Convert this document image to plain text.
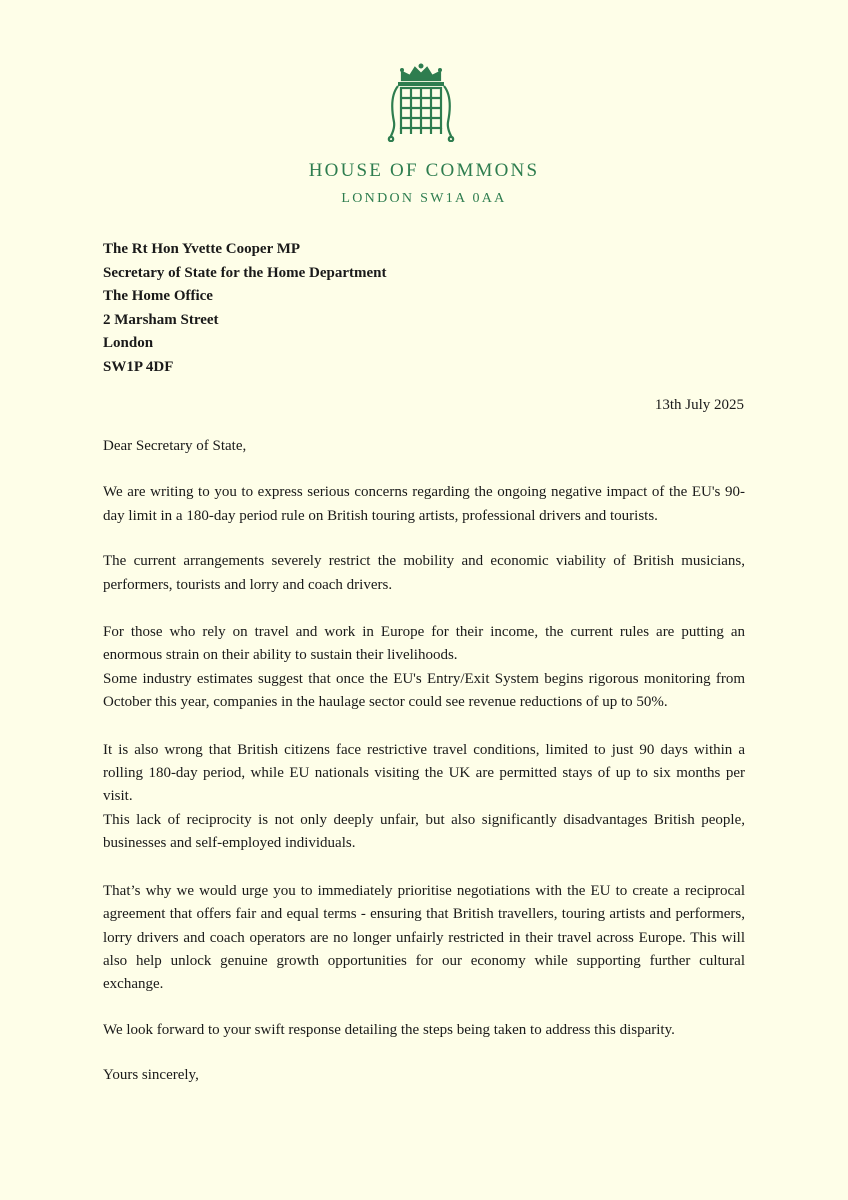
HOUSE OF COMMONS
LONDON SW1A 0AA
The Rt Hon Yvette Cooper MP
Secretary of State for the Home Department
The Home Office
2 Marsham Street
London
SW1P 4DF
13th July 2025

Dear Secretary of State,

We are writing to you to express serious concerns regarding the ongoing negative impact of the EU's 90-day limit in a 180-day period rule on British touring artists, professional drivers and tourists.

The current arrangements severely restrict the mobility and economic viability of British musicians, performers, tourists and lorry and coach drivers.

For those who rely on travel and work in Europe for their income, the current rules are putting an enormous strain on their ability to sustain their livelihoods.

Some industry estimates suggest that once the EU's Entry/Exit System begins rigorous monitoring from October this year, companies in the haulage sector could see revenue reductions of up to 50%.

It is also wrong that British citizens face restrictive travel conditions, limited to just 90 days within a rolling 180-day period, while EU nationals visiting the UK are permitted stays of up to six months per visit.

This lack of reciprocity is not only deeply unfair, but also significantly disadvantages British people, businesses and self-employed individuals.

That’s why we would urge you to immediately prioritise negotiations with the EU to create a reciprocal agreement that offers fair and equal terms - ensuring that British travellers, touring artists and performers, lorry drivers and coach operators are no longer unfairly restricted in their travel across Europe. This will also help unlock genuine growth opportunities for our economy while supporting further cultural exchange.

We look forward to your swift response detailing the steps being taken to address this disparity.

Yours sincerely,
